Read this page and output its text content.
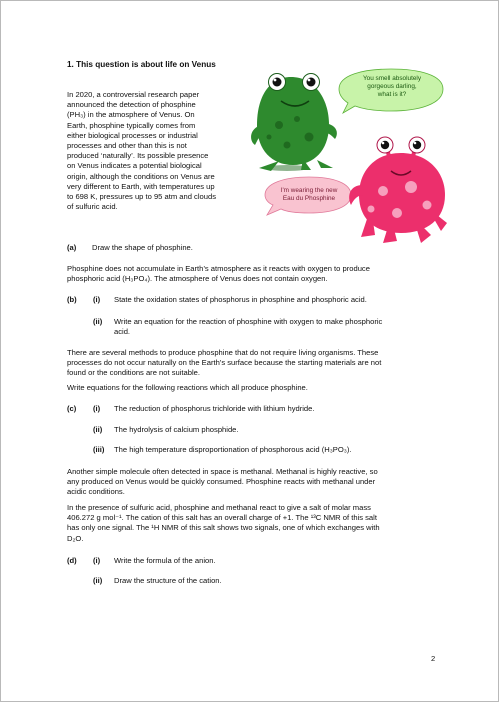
1. This question is about life on Venus
In 2020, a controversial research paper
announced the detection of phosphine
(PH₃) in the atmosphere of Venus. On
Earth, phosphine typically comes from
either biological processes or industrial
processes and other than this is not
produced ‘naturally’. Its possible presence
on Venus indicates a potential biological
origin, although the conditions on Venus are
very different to Earth, with temperatures up
to 698 K, pressures up to 95 atm and clouds
of sulfuric acid.
You smell absolutely
gorgeous darling,
what is it?
I'm wearing the new
Eau du Phosphine
(a) Draw the shape of phosphine.
Phosphine does not accumulate in Earth’s atmosphere as it reacts with oxygen to produce
phosphoric acid (H₃PO₄). The atmosphere of Venus does not contain oxygen.
(b) (i) State the oxidation states of phosphorus in phosphine and phosphoric acid.
(ii) Write an equation for the reaction of phosphine with oxygen to make phosphoric
acid.
There are several methods to produce phosphine that do not require living organisms. These
processes do not occur naturally on the Earth’s surface because the starting materials are not
found or the conditions are not suitable.
Write equations for the following reactions which all produce phosphine.
(c) (i) The reduction of phosphorus trichloride with lithium hydride.
(ii) The hydrolysis of calcium phosphide.
(iii) The high temperature disproportionation of phosphorous acid (H₃PO₃).
Another simple molecule often detected in space is methanal. Methanal is highly reactive, so
any produced on Venus would be quickly consumed. Phosphine reacts with methanal under
acidic conditions.
In the presence of sulfuric acid, phosphine and methanal react to give a salt of molar mass
406.272 g mol⁻¹. The cation of this salt has an overall charge of +1. The ¹³C NMR of this salt
has only one signal. The ¹H NMR of this salt shows two signals, one of which exchanges with
D₂O.
(d) (i) Write the formula of the anion.
(ii) Draw the structure of the cation.
2
